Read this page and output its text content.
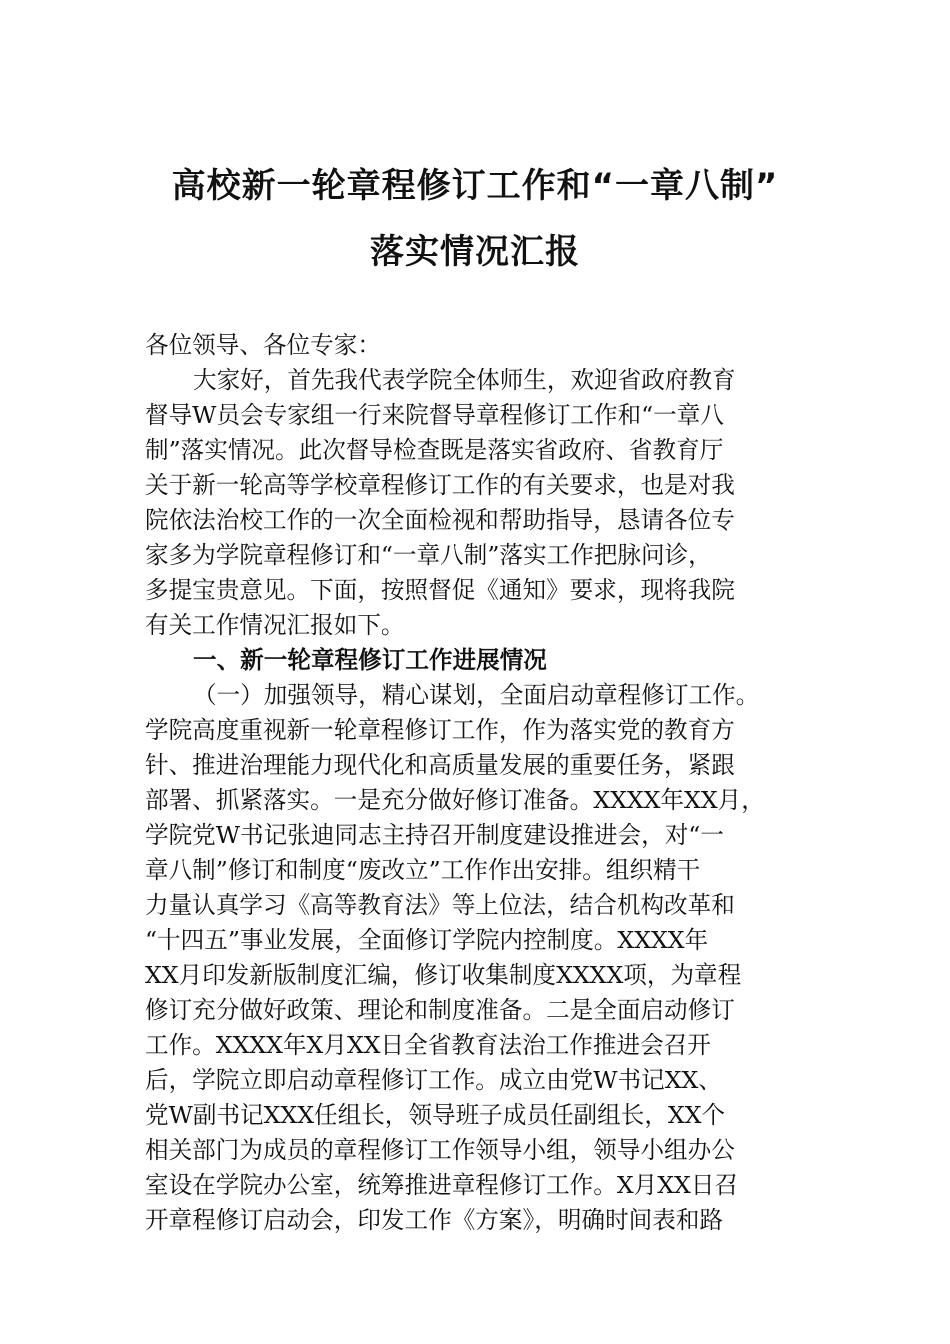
高校新一轮章程修订工作和“一章八制”
落实情况汇报
各位领导、各位专家：
大家好，首先我代表学院全体师生，欢迎省政府教育
督导W员会专家组一行来院督导章程修订工作和“一章八
制”落实情况。此次督导检查既是落实省政府、省教育厅
关于新一轮高等学校章程修订工作的有关要求，也是对我
院依法治校工作的一次全面检视和帮助指导，恳请各位专
家多为学院章程修订和“一章八制”落实工作把脉问诊，
多提宝贵意见。下面，按照督促《通知》要求，现将我院
有关工作情况汇报如下。
一、新一轮章程修订工作进展情况
（一）加强领导，精心谋划，全面启动章程修订工作。
学院高度重视新一轮章程修订工作，作为落实党的教育方
针、推进治理能力现代化和高质量发展的重要任务，紧跟
部署、抓紧落实。一是充分做好修订准备。XXXX年XX月，
学院党W书记张迪同志主持召开制度建设推进会，对“一
章八制”修订和制度“废改立”工作作出安排。组织精干
力量认真学习《高等教育法》等上位法，结合机构改革和
“十四五”事业发展，全面修订学院内控制度。XXXX年
XX月印发新版制度汇编，修订收集制度XXXX项，为章程
修订充分做好政策、理论和制度准备。二是全面启动修订
工作。XXXX年X月XX日全省教育法治工作推进会召开
后，学院立即启动章程修订工作。成立由党W书记XX、
党W副书记XXX任组长，领导班子成员任副组长，XX个
相关部门为成员的章程修订工作领导小组，领导小组办公
室设在学院办公室，统筹推进章程修订工作。X月XX日召
开章程修订启动会，印发工作《方案》，明确时间表和路
